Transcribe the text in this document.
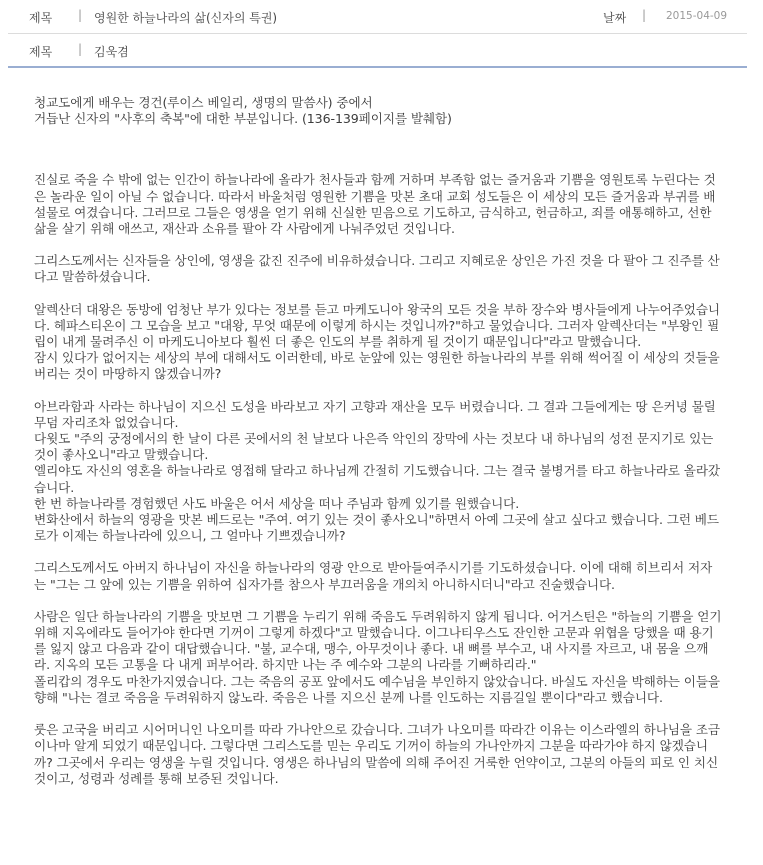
제목 | 영원한 하늘나라의 삶(신자의 특권)	날짜 | 2015-04-09
제목 | 김욱겸

청교도에게 배우는 경건(루이스 베일리, 생명의 말씀사) 중에서

거듭난 신자의 "사후의 축복"에 대한 부분입니다. (136-139페이지를 발췌함)

진실로 죽을 수 밖에 없는 인간이 하늘나라에 올라가 천사들과 함께 거하며 부족함 없는 즐거움과 기쁨을 영원토록 누린다는 것은 놀라운 일이 아닐 수 없습니다. 따라서 바울처럼 영원한 기쁨을 맛본 초대 교회 성도들은 이 세상의 모든 즐거움과 부귀를 배설물로 여겼습니다. 그러므로 그들은 영생을 얻기 위해 신실한 믿음으로 기도하고, 금식하고, 헌금하고, 죄를 애통해하고, 선한 삶을 살기 위해 애쓰고, 재산과 소유를 팔아 각 사람에게 나눠주었던 것입니다.

그리스도께서는 신자들을 상인에, 영생을 값진 진주에 비유하셨습니다. 그리고 지혜로운 상인은 가진 것을 다 팔아 그 진주를 산다고 말씀하셨습니다.

알렉산더 대왕은 동방에 엄청난 부가 있다는 정보를 듣고 마케도니아 왕국의 모든 것을 부하 장수와 병사들에게 나누어주었습니다. 헤파스티온이 그 모습을 보고 "대왕, 무엇 때문에 이렇게 하시는 것입니까?"하고 물었습니다. 그러자 알렉산더는 "부왕인 필립이 내게 물려주신 이 마케도니아보다 훨씬 더 좋은 인도의 부를 취하게 될 것이기 때문입니다"라고 말했습니다.
잠시 있다가 없어지는 세상의 부에 대해서도 이러한데, 바로 눈앞에 있는 영원한 하늘나라의 부를 위해 썩어질 이 세상의 것들을 버리는 것이 마땅하지 않겠습니까?

아브라함과 사라는 하나님이 지으신 도성을 바라보고 자기 고향과 재산을 모두 버렸습니다. 그 결과 그들에게는 땅 은커녕 물릴 무덤 자리조차 없었습니다.
다윗도 "주의 궁정에서의 한 날이 다른 곳에서의 천 날보다 나은즉 악인의 장막에 사는 것보다 내 하나님의 성전 문지기로 있는 것이 좋사오니"라고 말했습니다.
엘리야도 자신의 영혼을 하늘나라로 영접해 달라고 하나님께 간절히 기도했습니다. 그는 결국 불병거를 타고 하늘나라로 올라갔습니다.
한 번 하늘나라를 경험했던 사도 바울은 어서 세상을 떠나 주님과 함께 있기를 원했습니다.
변화산에서 하늘의 영광을 맛본 베드로는 "주여. 여기 있는 것이 좋사오니"하면서 아예 그곳에 살고 싶다고 했습니다. 그런 베드로가 이제는 하늘나라에 있으니, 그 얼마나 기쁘겠습니까?

그리스도께서도 아버지 하나님이 자신을 하늘나라의 영광 안으로 받아들여주시기를 기도하셨습니다. 이에 대해 히브리서 저자는 "그는 그 앞에 있는 기쁨을 위하여 십자가를 참으사 부끄러움을 개의치 아니하시더니"라고 진술했습니다.

사람은 일단 하늘나라의 기쁨을 맛보면 그 기쁨을 누리기 위해 죽음도 두려워하지 않게 됩니다. 어거스틴은 "하늘의 기쁨을 얻기 위해 지옥에라도 들어가야 한다면 기꺼이 그렇게 하겠다"고 말했습니다. 이그나티우스도 잔인한 고문과 위협을 당했을 때 용기를 잃지 않고 다음과 같이 대답했습니다. "불, 교수대, 맹수, 아무것이나 좋다. 내 뼈를 부수고, 내 사지를 자르고, 내 몸을 으깨라. 지옥의 모든 고통을 다 내게 퍼부어라. 하지만 나는 주 예수와 그분의 나라를 기뻐하리라."
폴리캅의 경우도 마찬가지였습니다. 그는 죽음의 공포 앞에서도 예수님을 부인하지 않았습니다. 바실도 자신을 박해하는 이들을 향해 "나는 결코 죽음을 두려워하지 않노라. 죽음은 나를 지으신 분께 나를 인도하는 지름길일 뿐이다"라고 했습니다.

룻은 고국을 버리고 시어머니인 나오미를 따라 가나안으로 갔습니다. 그녀가 나오미를 따라간 이유는 이스라엘의 하나님을 조금이나마 알게 되었기 때문입니다. 그렇다면 그리스도를 믿는 우리도 기꺼이 하늘의 가나안까지 그분을 따라가야 하지 않겠습니까? 그곳에서 우리는 영생을 누릴 것입니다. 영생은 하나님의 말씀에 의해 주어진 거룩한 언약이고, 그분의 아들의 피로 인 치신 것이고, 성령과 성례를 통해 보증된 것입니다.
